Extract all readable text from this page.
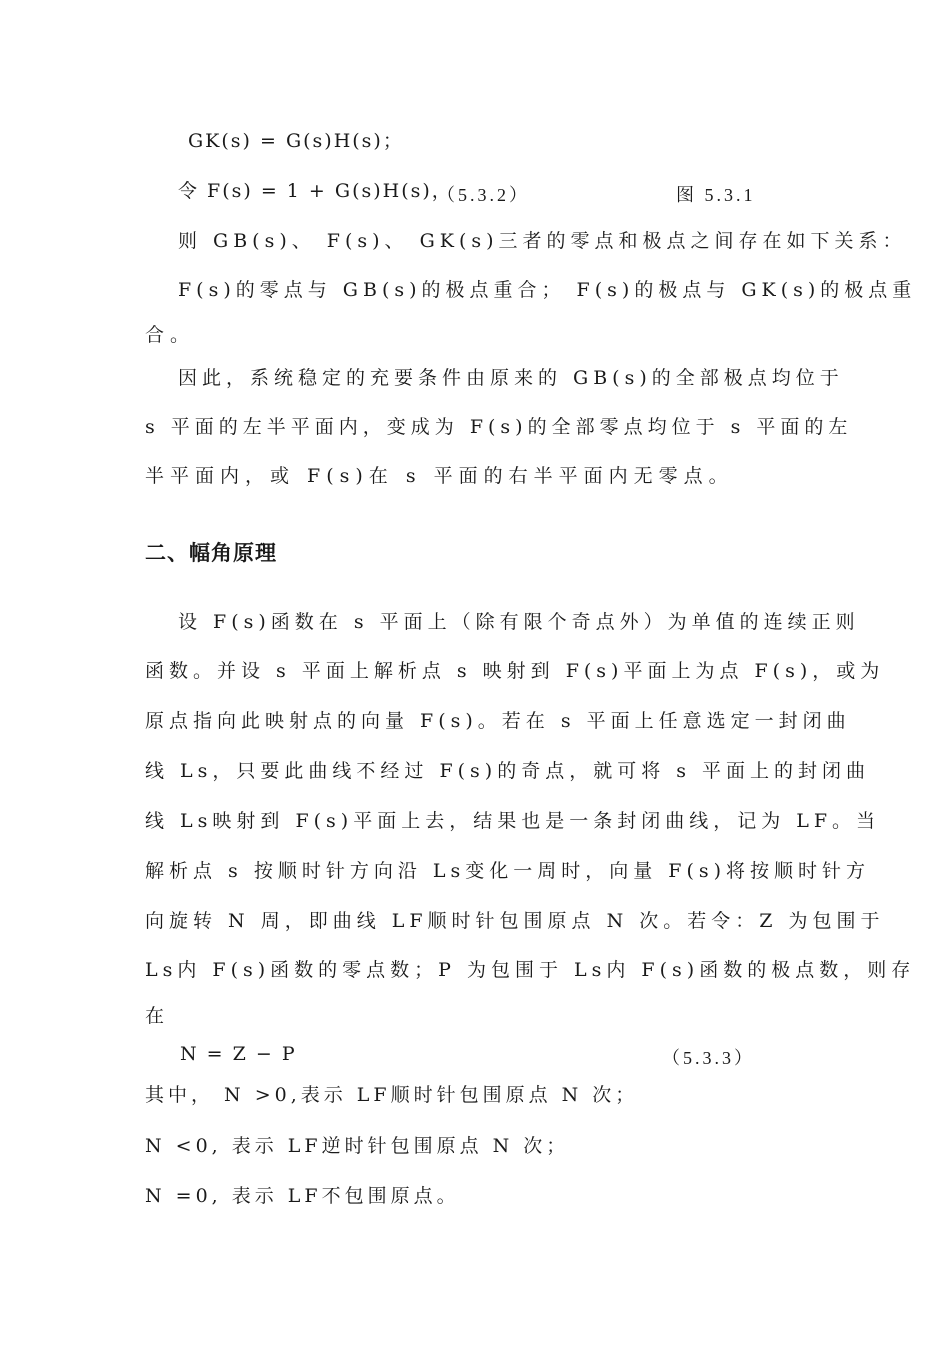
GK(s) = G(s)H(s)；
令 F(s) = 1 + G(s)H(s)，
（5.3.2）	图 5.3.1
则 GB(s)、 F(s)、 GK(s)三者的零点和极点之间存在如下关系：
F(s)的零点与 GB(s)的极点重合； F(s)的极点与 GK(s)的极点重
合。
因此，系统稳定的充要条件由原来的 GB(s)的全部极点均位于
s 平面的左半平面内，变成为 F(s)的全部零点均位于 s 平面的左
半平面内，或 F(s)在 s 平面的右半平面内无零点。
二、幅角原理
设 F(s)函数在 s 平面上（除有限个奇点外）为单值的连续正则
函数。并设 s 平面上解析点 s 映射到 F(s)平面上为点 F(s)，或为
原点指向此映射点的向量 F(s)。若在 s 平面上任意选定一封闭曲
线 Ls，只要此曲线不经过 F(s)的奇点，就可将 s 平面上的封闭曲
线 Ls映射到 F(s)平面上去，结果也是一条封闭曲线，记为 LF。当
解析点 s 按顺时针方向沿 Ls变化一周时，向量 F(s)将按顺时针方
向旋转 N 周，即曲线 LF顺时针包围原点 N 次。若令：Z 为包围于
Ls内 F(s)函数的零点数；P 为包围于 Ls内 F(s)函数的极点数，则存
在
N = Z − P	（5.3.3）
其中， N >0,表示 LF顺时针包围原点 N 次；
N <0, 表示 LF逆时针包围原点 N 次；
N =0, 表示 LF不包围原点。
